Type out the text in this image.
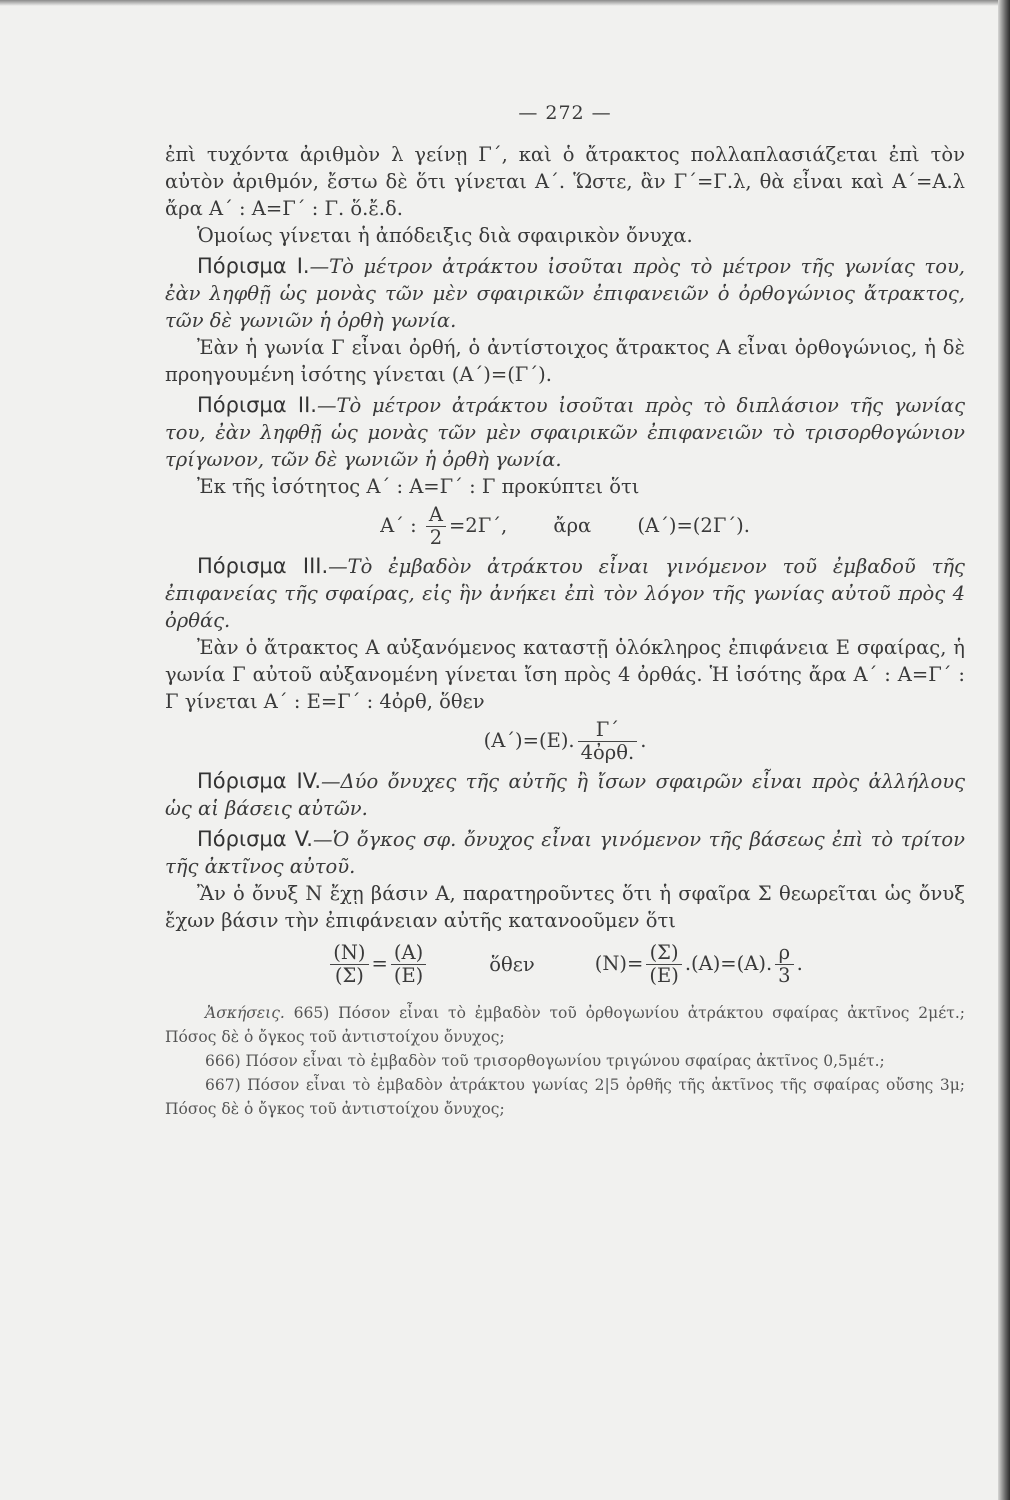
— 272 —

ἐπὶ τυχόντα ἀριθμὸν λ γείνῃ Γ΄, καὶ ὁ ἄτρακτος πολλαπλασιάζεται ἐπὶ τὸν αὐτὸν ἀριθμόν, ἔστω δὲ ὅτι γίνεται Α΄. Ὥστε, ἂν Γ΄=Γ.λ, θὰ εἶναι καὶ Α΄=Α.λ ἄρα Α΄ : Α=Γ΄ : Γ. ὅ.ἔ.δ.

Ὁμοίως γίνεται ἡ ἀπόδειξις διὰ σφαιρικὸν ὄνυχα.

Πόρισμα Ι.—Τὸ μέτρον ἀτράκτου ἰσοῦται πρὸς τὸ μέτρον τῆς γωνίας του, ἐὰν ληφθῇ ὡς μονὰς τῶν μὲν σφαιρικῶν ἐπιφανειῶν ὁ ὀρθογώνιος ἄτρακτος, τῶν δὲ γωνιῶν ἡ ὀρθὴ γωνία.

Ἐὰν ἡ γωνία Γ εἶναι ὀρθή, ὁ ἀντίστοιχος ἄτρακτος Α εἶναι ὀρθογώνιος, ἡ δὲ προηγουμένη ἰσότης γίνεται (Α΄)=(Γ΄).

Πόρισμα ΙΙ.—Τὸ μέτρον ἀτράκτου ἰσοῦται πρὸς τὸ διπλάσιον τῆς γωνίας του, ἐὰν ληφθῇ ὡς μονὰς τῶν μὲν σφαιρικῶν ἐπιφανειῶν τὸ τρισορθογώνιον τρίγωνον, τῶν δὲ γωνιῶν ἡ ὀρθὴ γωνία.

Ἐκ τῆς ἰσότητος Α΄ : Α=Γ΄ : Γ προκύπτει ὅτι

Α΄ : $\frac{A}{2} =2\Gamma΄$, ἄρα (Α΄)=(2Γ΄).

Πόρισμα ΙΙΙ.—Τὸ ἐμβαδὸν ἀτράκτου εἶναι γινόμενον τοῦ ἐμβαδοῦ τῆς ἐπιφανείας τῆς σφαίρας, εἰς ἣν ἀνήκει ἐπὶ τὸν λόγον τῆς γωνίας αὐτοῦ πρὸς 4 ὀρθάς.

Ἐὰν ὁ ἄτρακτος Α αὐξανόμενος καταστῇ ὁλόκληρος ἐπιφάνεια Ε σφαίρας, ἡ γωνία Γ αὐτοῦ αὐξανομένη γίνεται ἴση πρὸς 4 ὀρθάς. Ἡ ἰσότης ἄρα Α΄ : Α=Γ΄ : Γ γίνεται Α΄ : Ε=Γ΄ : 4ὀρθ, ὅθεν

(Α΄)=(Ε). $\frac{\Gamma΄}{\text{4ὀρθ.}}$ .

Πόρισμα ΙV.—Δύο ὄνυχες τῆς αὐτῆς ἢ ἴσων σφαιρῶν εἶναι πρὸς ἀλλήλους ὡς αἱ βάσεις αὐτῶν.

Πόρισμα V.—Ὁ ὄγκος σφ. ὄνυχος εἶναι γινόμενον τῆς βάσεως ἐπὶ τὸ τρίτον τῆς ἀκτῖνος αὐτοῦ.

Ἂν ὁ ὄνυξ Ν ἔχῃ βάσιν Α, παρατηροῦντες ὅτι ἡ σφαῖρα Σ θεωρεῖται ὡς ὄνυξ ἔχων βάσιν τὴν ἐπιφάνειαν αὐτῆς κατανοοῦμεν ὅτι

$\frac{(N)}{(\Sigma)} = \frac{(A)}{(E)}$	ὅθεν	$(N)= \frac{(\Sigma)}{(E)} .(A)=(A)$. $\frac{\rho}{3}$ .

Ἀσκήσεις. 665) Πόσον εἶναι τὸ ἐμβαδὸν τοῦ ὀρθογωνίου ἀτράκτου σφαίρας ἀκτῖνος 2μέτ.; Πόσος δὲ ὁ ὄγκος τοῦ ἀντιστοίχου ὄνυχος;

666) Πόσον εἶναι τὸ ἐμβαδὸν τοῦ τρισορθογωνίου τριγώνου σφαίρας ἀκτῖνος 0,5μέτ.;

667) Πόσον εἶναι τὸ ἐμβαδὸν ἀτράκτου γωνίας 2|5 ὀρθῆς τῆς ἀκτῖνος τῆς σφαίρας οὔσης 3μ; Πόσος δὲ ὁ ὄγκος τοῦ ἀντιστοίχου ὄνυχος;
